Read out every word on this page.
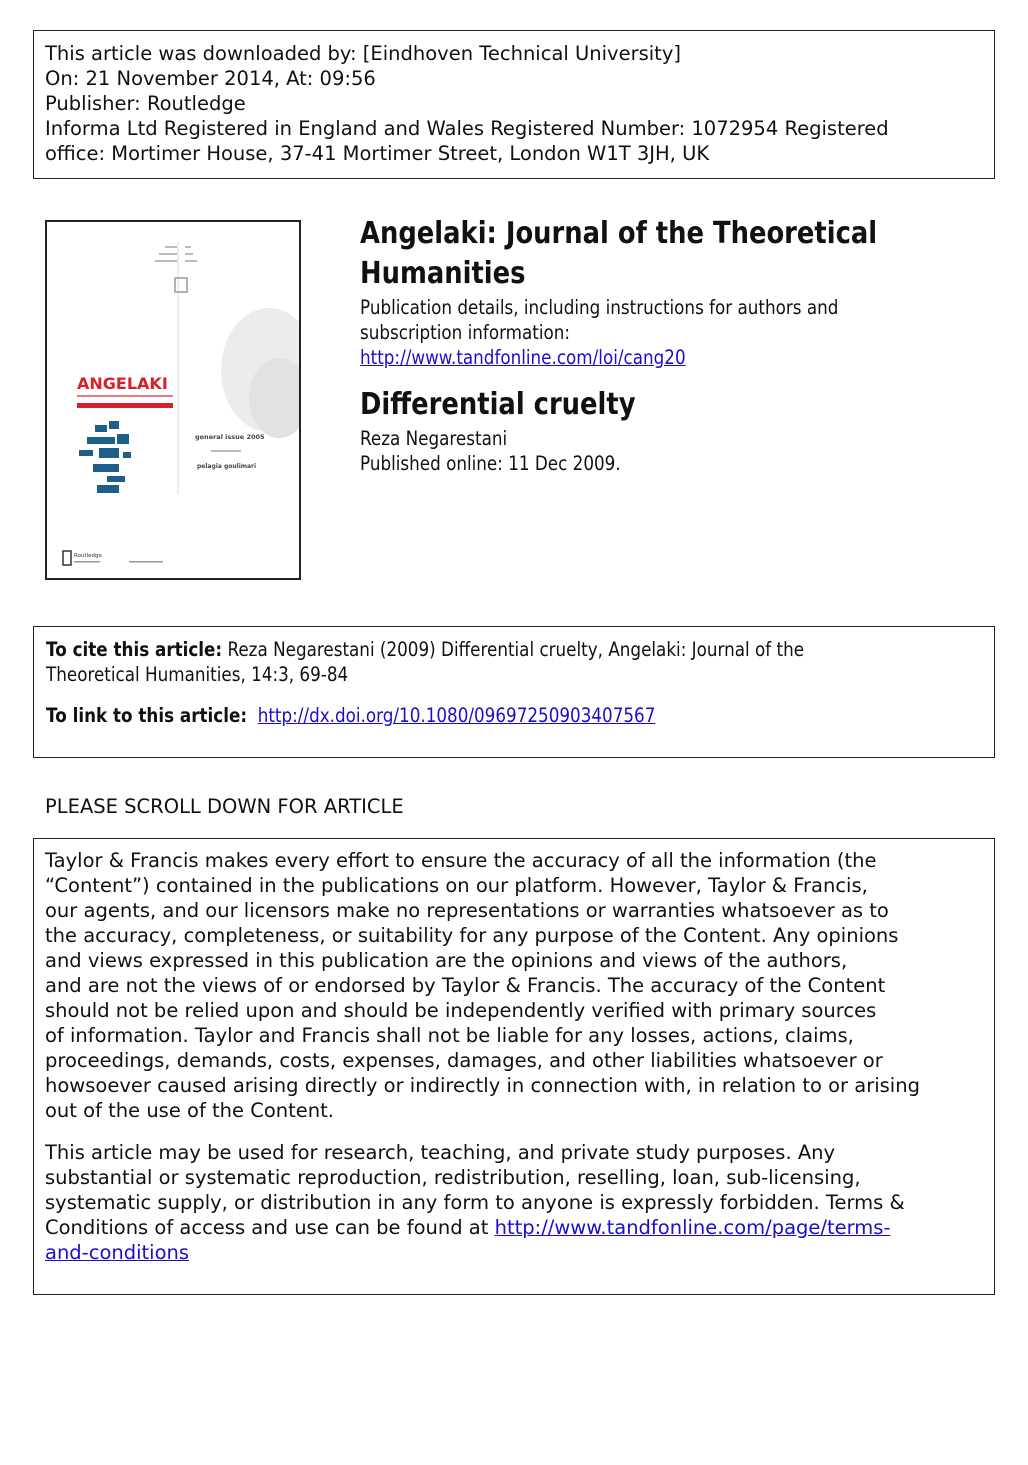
This article was downloaded by: [Eindhoven Technical University]
On: 21 November 2014, At: 09:56
Publisher: Routledge
Informa Ltd Registered in England and Wales Registered Number: 1072954 Registered
office: Mortimer House, 37-41 Mortimer Street, London W1T 3JH, UK
ANGELAKI
general issue 2005
pelagia goulimari
Routledge
Angelaki: Journal of the Theoretical Humanities
Publication details, including instructions for authors and
subscription information:
http://www.tandfonline.com/loi/cang20
Differential cruelty
Reza Negarestani
Published online: 11 Dec 2009.
To cite this article: Reza Negarestani (2009) Differential cruelty, Angelaki: Journal of the
Theoretical Humanities, 14:3, 69-84
To link to this article: http://dx.doi.org/10.1080/09697250903407567
PLEASE SCROLL DOWN FOR ARTICLE

Taylor & Francis makes every effort to ensure the accuracy of all the information (the
“Content”) contained in the publications on our platform. However, Taylor & Francis,
our agents, and our licensors make no representations or warranties whatsoever as to
the accuracy, completeness, or suitability for any purpose of the Content. Any opinions
and views expressed in this publication are the opinions and views of the authors,
and are not the views of or endorsed by Taylor & Francis. The accuracy of the Content
should not be relied upon and should be independently verified with primary sources
of information. Taylor and Francis shall not be liable for any losses, actions, claims,
proceedings, demands, costs, expenses, damages, and other liabilities whatsoever or
howsoever caused arising directly or indirectly in connection with, in relation to or arising
out of the use of the Content.

This article may be used for research, teaching, and private study purposes. Any
substantial or systematic reproduction, redistribution, reselling, loan, sub-licensing,
systematic supply, or distribution in any form to anyone is expressly forbidden. Terms &
Conditions of access and use can be found at http://www.tandfonline.com/page/terms-
and-conditions
